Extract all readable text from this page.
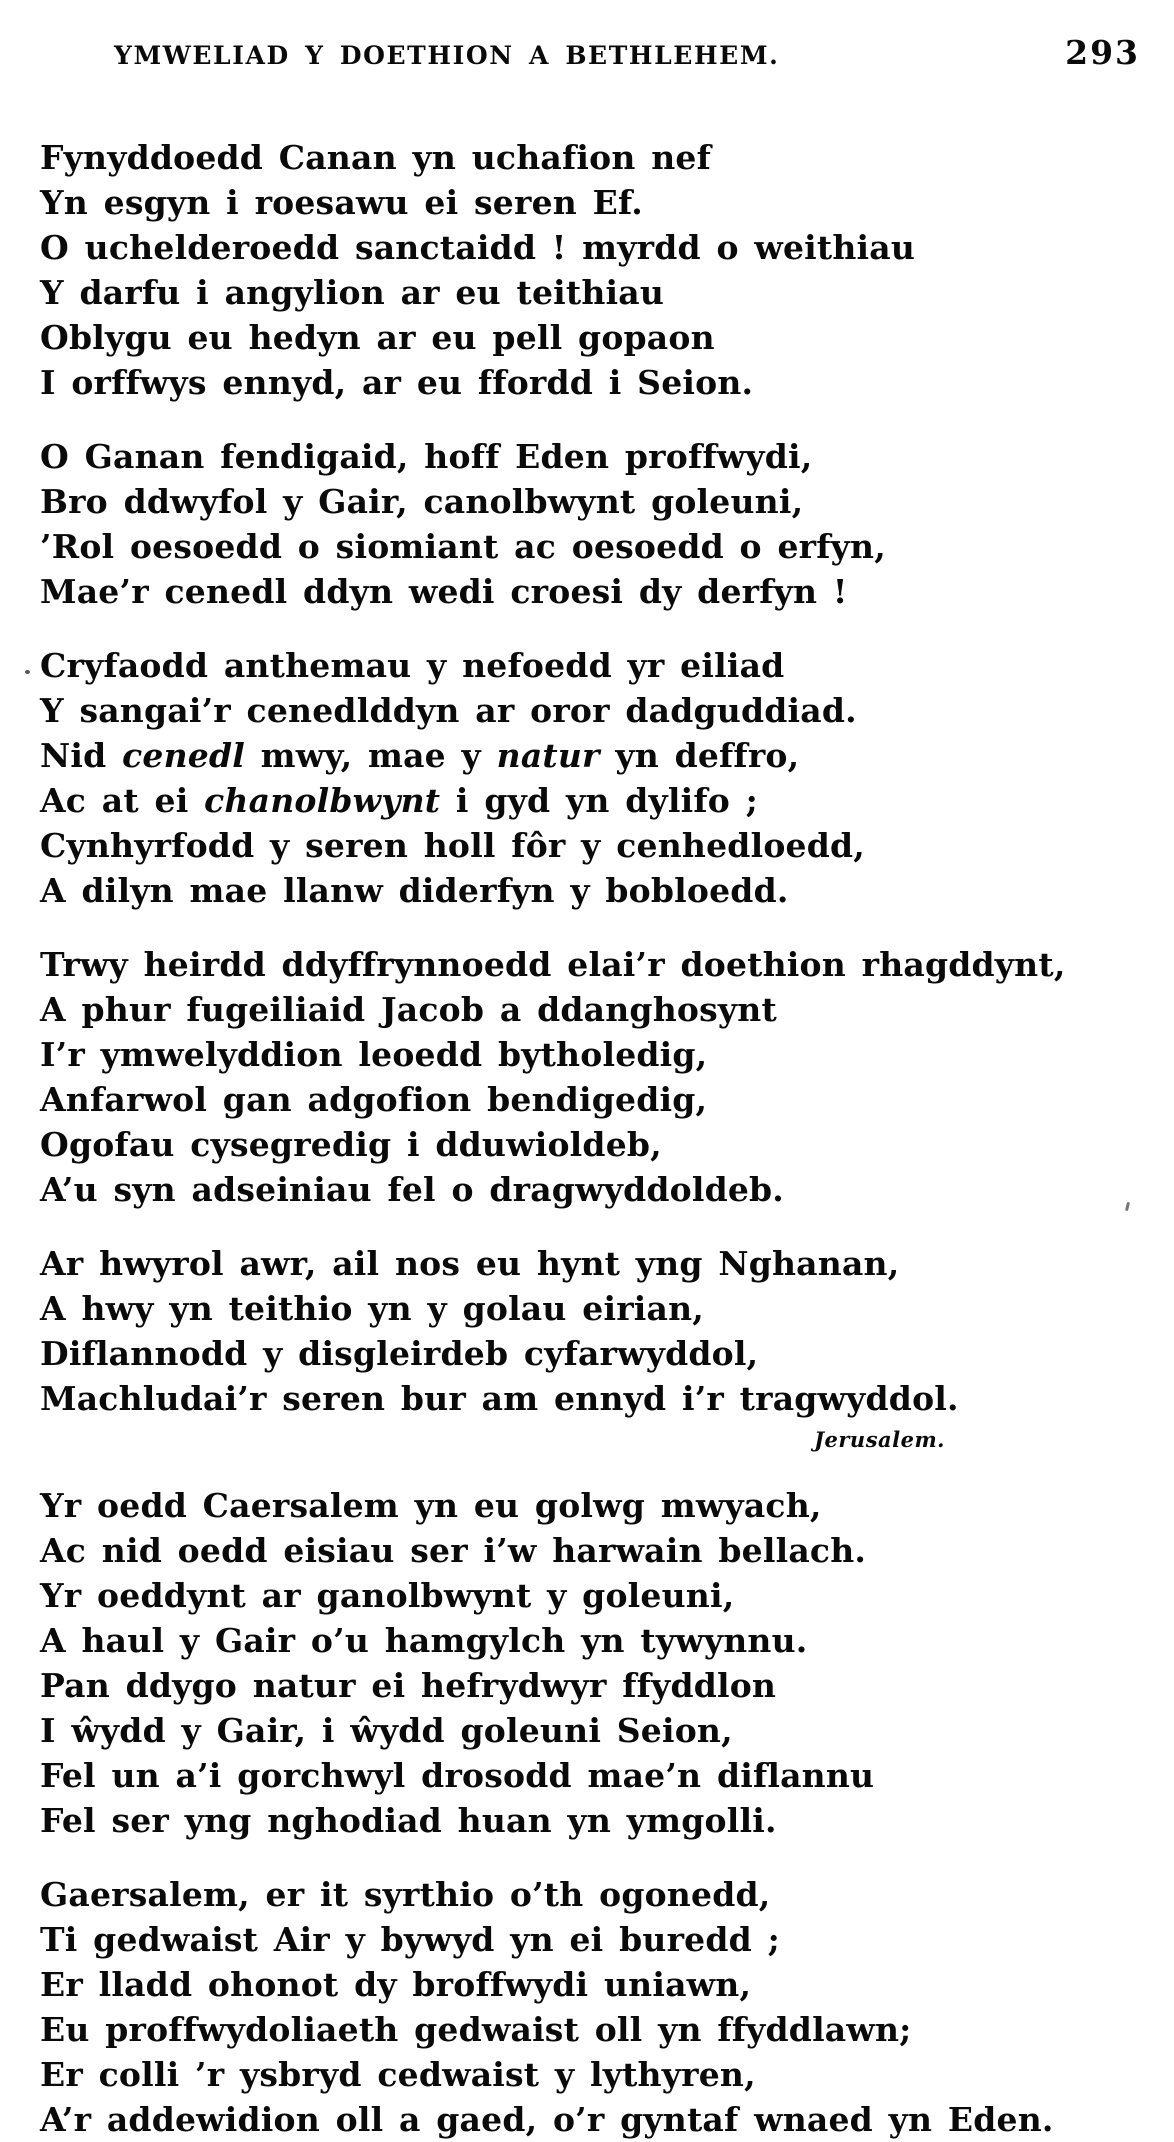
YMWELIAD Y DOETHION A BETHLEHEM.	293
Fynyddoedd Canan yn uchafion nef
Yn esgyn i roesawu ei seren Ef.
O uchelderoedd sanctaidd ! myrdd o weithiau
Y darfu i angylion ar eu teithiau
Oblygu eu hedyn ar eu pell gopaon
I orffwys ennyd, ar eu ffordd i Seion.
O Ganan fendigaid, hoff Eden proffwydi,
Bro ddwyfol y Gair, canolbwynt goleuni,
’Rol oesoedd o siomiant ac oesoedd o erfyn,
Mae’r cenedl ddyn wedi croesi dy derfyn !
Cryfaodd anthemau y nefoedd yr eiliad
Y sangai’r cenedlddyn ar oror dadguddiad.
Nid cenedl mwy, mae y natur yn deffro,
Ac at ei chanolbwynt i gyd yn dylifo ;
Cynhyrfodd y seren holl fôr y cenhedloedd,
A dilyn mae llanw diderfyn y bobloedd.
Trwy heirdd ddyffrynnoedd elai’r doethion rhagddynt,
A phur fugeiliaid Jacob a ddanghosynt
I’r ymwelyddion leoedd bytholedig,
Anfarwol gan adgofion bendigedig,
Ogofau cysegredig i dduwioldeb,
A’u syn adseiniau fel o dragwyddoldeb.
Ar hwyrol awr, ail nos eu hynt yng Nghanan,
A hwy yn teithio yn y golau eirian,
Diflannodd y disgleirdeb cyfarwyddol,
Machludai’r seren bur am ennyd i’r tragwyddol.
Jerusalem.
Yr oedd Caersalem yn eu golwg mwyach,
Ac nid oedd eisiau ser i’w harwain bellach.
Yr oeddynt ar ganolbwynt y goleuni,
A haul y Gair o’u hamgylch yn tywynnu.
Pan ddygo natur ei hefrydwyr ffyddlon
I ŵydd y Gair, i ŵydd goleuni Seion,
Fel un a’i gorchwyl drosodd mae’n diflannu
Fel ser yng nghodiad huan yn ymgolli.
Gaersalem, er it syrthio o’th ogonedd,
Ti gedwaist Air y bywyd yn ei buredd ;
Er lladd ohonot dy broffwydi uniawn,
Eu proffwydoliaeth gedwaist oll yn ffyddlawn;
Er colli ’r ysbryd cedwaist y lythyren,
A’r addewidion oll a gaed, o’r gyntaf wnaed yn Eden.
